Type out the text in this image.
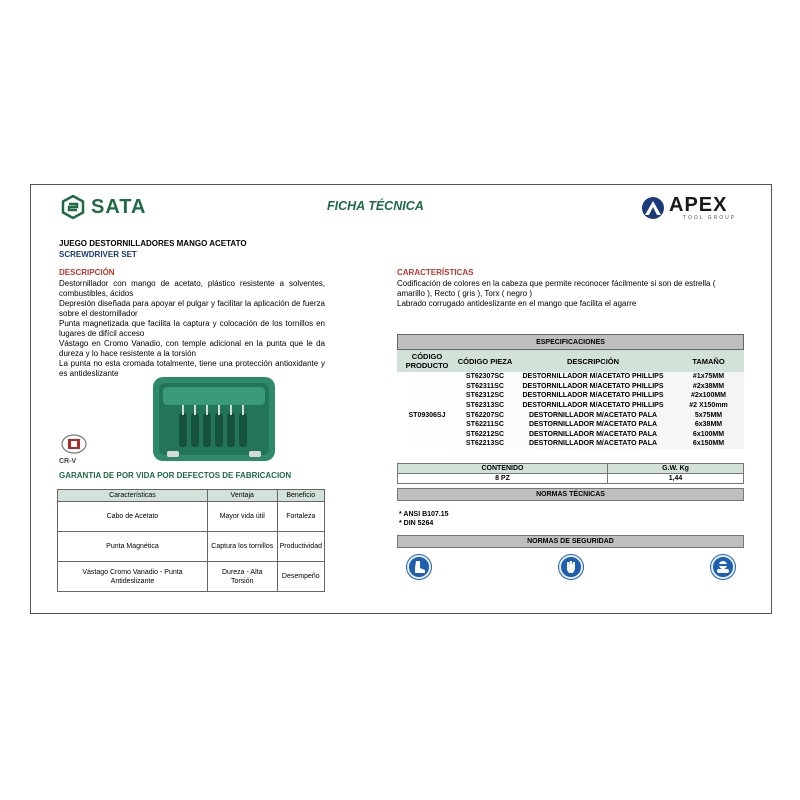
SATA	FICHA TÉCNICA	APEX
TOOL GROUP
JUEGO DESTORNILLADORES MANGO ACETATO
SCREWDRIVER SET
DESCRIPCIÓN
Destornillador con mango de acetato, plástico resistente a solventes, combustibles, ácidos
Depresión diseñada para apoyar el pulgar y facilitar la aplicación de fuerza sobre el destornillador
Punta magnetizada que facilita la captura y colocación de los tornillos en lugares de difícil acceso
Vástago en Cromo Vanadio, con temple adicional en la punta que le da dureza y lo hace resistente a la torsión
La punta no esta cromada totalmente, tiene una protección antioxidante y es antideslizante
CARACTERÍSTICAS
Codificación de colores en la cabeza que permite reconocer fácilmente si son de estrella ( amarillo ), Recto ( gris ), Torx ( negro )
Labrado corrugado antideslizante en el mango que facilita el agarre
CR-V
GARANTIA DE POR VIDA POR DEFECTOS DE FABRICACION
Características	Ventaja	Beneficio
Cabo de Acetato	Mayor vida útil	Fortaleza
Punta Magnética	Captura los tornillos	Productividad
Vástago Cromo Vanadio - Punta Antideslizante	Dureza - Alta Torsión	Desempeño
ESPECIFICACIONES
CÓDIGO PRODUCTO	CÓDIGO PIEZA	DESCRIPCIÓN	TAMAÑO
	ST62307SC	DESTORNILLADOR M/ACETATO PHILLIPS	#1x75MM
	ST62311SC	DESTORNILLADOR M/ACETATO PHILLIPS	#2x38MM
	ST62312SC	DESTORNILLADOR M/ACETATO PHILLIPS	#2x100MM
	ST62313SC	DESTORNILLADOR M/ACETATO PHILLIPS	#2 X150mm
ST09306SJ	ST62207SC	DESTORNILLADOR M/ACETATO PALA	5x75MM
	ST62211SC	DESTORNILLADOR M/ACETATO PALA	6x38MM
	ST62212SC	DESTORNILLADOR M/ACETATO PALA	6x100MM
	ST62213SC	DESTORNILLADOR M/ACETATO PALA	6x150MM
CONTENIDO	G.W. Kg
8 PZ	1,44
NORMAS TÉCNICAS
* ANSI B107.15
* DIN 5264
NORMAS DE SEGURIDAD
